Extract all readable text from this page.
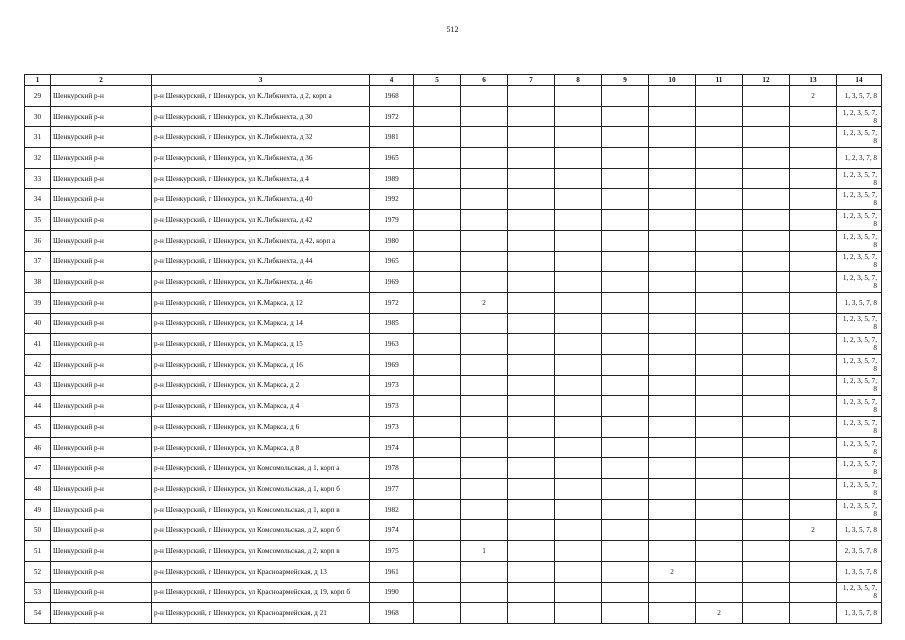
512
1	2	3	4	5	6	7	8	9	10	11	12	13	14
29	Шенкурский р-н	р-н Шенкурский, г Шенкурск, ул К.Либкнехта, д 2, корп а	1968									2	1, 3, 5, 7, 8
30	Шенкурский р-н	р-н Шенкурский, г Шенкурск, ул К.Либкнехта, д 30	1972										1, 2, 3, 5, 7, 8
31	Шенкурский р-н	р-н Шенкурский, г Шенкурск, ул К.Либкнехта, д 32	1981										1, 2, 3, 5, 7, 8
32	Шенкурский р-н	р-н Шенкурский, г Шенкурск, ул К.Либкнехта, д 36	1965										1, 2, 3, 7, 8
33	Шенкурский р-н	р-н Шенкурский, г Шенкурск, ул К.Либкнехта, д 4	1989										1, 2, 3, 5, 7, 8
34	Шенкурский р-н	р-н Шенкурский, г Шенкурск, ул К.Либкнехта, д 40	1992										1, 2, 3, 5, 7, 8
35	Шенкурский р-н	р-н Шенкурский, г Шенкурск, ул К.Либкнехта, д 42	1979										1, 2, 3, 5, 7, 8
36	Шенкурский р-н	р-н Шенкурский, г Шенкурск, ул К.Либкнехта, д 42, корп а	1980										1, 2, 3, 5, 7, 8
37	Шенкурский р-н	р-н Шенкурский, г Шенкурск, ул К.Либкнехта, д 44	1965										1, 2, 3, 5, 7, 8
38	Шенкурский р-н	р-н Шенкурский, г Шенкурск, ул К.Либкнехта, д 46	1969										1, 2, 3, 5, 7, 8
39	Шенкурский р-н	р-н Шенкурский, г Шенкурск, ул К.Маркса, д 12	1972		2								1, 3, 5, 7, 8
40	Шенкурский р-н	р-н Шенкурский, г Шенкурск, ул К.Маркса, д 14	1985										1, 2, 3, 5, 7, 8
41	Шенкурский р-н	р-н Шенкурский, г Шенкурск, ул К.Маркса, д 15	1963										1, 2, 3, 5, 7, 8
42	Шенкурский р-н	р-н Шенкурский, г Шенкурск, ул К.Маркса, д 16	1969										1, 2, 3, 5, 7, 8
43	Шенкурский р-н	р-н Шенкурский, г Шенкурск, ул К.Маркса, д 2	1973										1, 2, 3, 5, 7, 8
44	Шенкурский р-н	р-н Шенкурский, г Шенкурск, ул К.Маркса, д 4	1973										1, 2, 3, 5, 7, 8
45	Шенкурский р-н	р-н Шенкурский, г Шенкурск, ул К.Маркса, д 6	1973										1, 2, 3, 5, 7, 8
46	Шенкурский р-н	р-н Шенкурский, г Шенкурск, ул К.Маркса, д 8	1974										1, 2, 3, 5, 7, 8
47	Шенкурский р-н	р-н Шенкурский, г Шенкурск, ул Комсомольская, д 1, корп а	1978										1, 2, 3, 5, 7, 8
48	Шенкурский р-н	р-н Шенкурский, г Шенкурск, ул Комсомольская, д 1, корп б	1977										1, 2, 3, 5, 7, 8
49	Шенкурский р-н	р-н Шенкурский, г Шенкурск, ул Комсомольская, д 1, корп в	1982										1, 2, 3, 5, 7, 8
50	Шенкурский р-н	р-н Шенкурский, г Шенкурск, ул Комсомольская, д 2, корп б	1974									2	1, 3, 5, 7, 8
51	Шенкурский р-н	р-н Шенкурский, г Шенкурск, ул Комсомольская, д 2, корп в	1975		1								2, 3, 5, 7, 8
52	Шенкурский р-н	р-н Шенкурский, г Шенкурск, ул Красноармейская, д 13	1961						2				1, 3, 5, 7, 8
53	Шенкурский р-н	р-н Шенкурский, г Шенкурск, ул Красноармейская, д 19, корп б	1990										1, 2, 3, 5, 7, 8
54	Шенкурский р-н	р-н Шенкурский, г Шенкурск, ул Красноармейская, д 21	1968							2			1, 3, 5, 7, 8
